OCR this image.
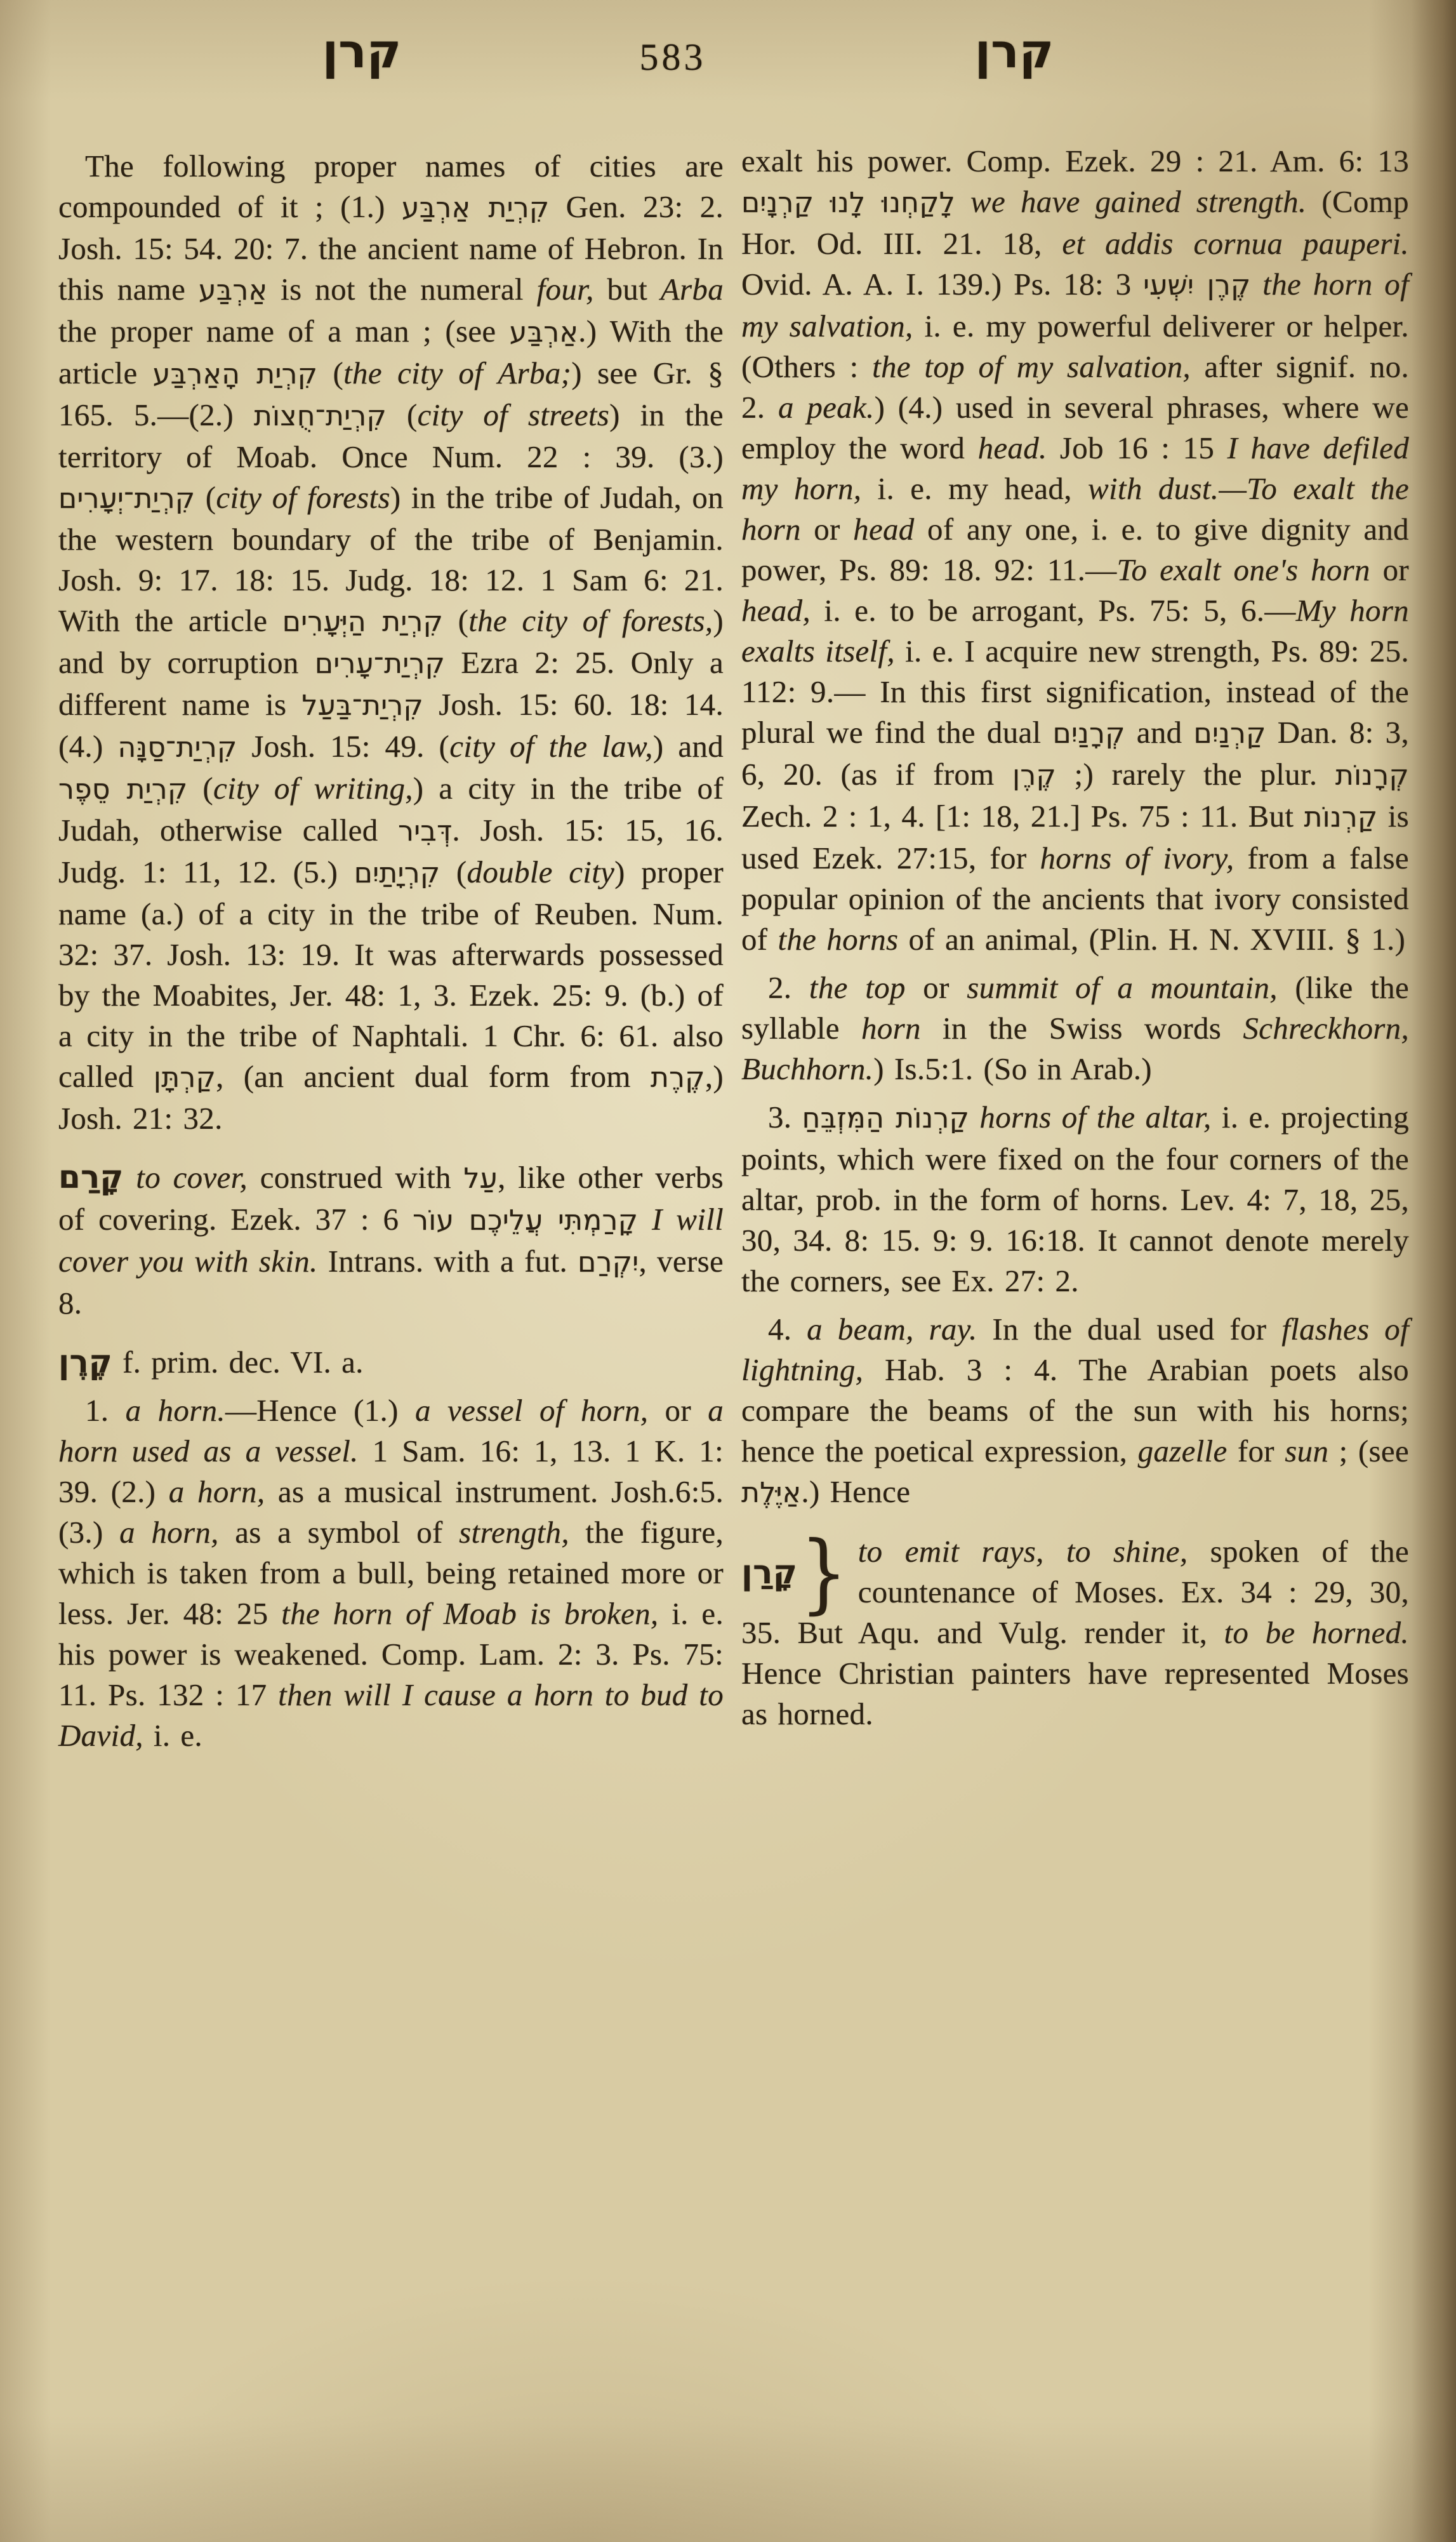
קרן	583	קרן

The following proper names of cities are compounded of it ; (1.) קִרְיַת אַרְבַּע Gen. 23: 2. Josh. 15: 54. 20: 7. the ancient name of Hebron. In this name אַרְבַּע is not the numeral four, but Arba the proper name of a man ; (see אַרְבַּע.) With the article קִרְיַת הָאַרְבַּע (the city of Arba;) see Gr. § 165. 5.—(2.) קִרְיַת־חֻצוֹת (city of streets) in the territory of Moab. Once Num. 22 : 39. (3.) קִרְיַת־יְעָרִים (city of forests) in the tribe of Judah, on the western boundary of the tribe of Benjamin. Josh. 9: 17. 18: 15. Judg. 18: 12. 1 Sam 6: 21. With the article קִרְיַת הַיְּעָרִים (the city of forests,) and by corruption קִרְיַת־עָרִים Ezra 2: 25. Only a different name is קִרְיַת־בַּעַל Josh. 15: 60. 18: 14. (4.) קִרְיַת־סַנָּה Josh. 15: 49. (city of the law,) and קִרְיַת סֵפֶר (city of writing,) a city in the tribe of Judah, otherwise called דְּבִיר. Josh. 15: 15, 16. Judg. 1: 11, 12. (5.) קִרְיָתַיִם (double city) proper name (a.) of a city in the tribe of Reuben. Num. 32: 37. Josh. 13: 19. It was afterwards possessed by the Moabites, Jer. 48: 1, 3. Ezek. 25: 9. (b.) of a city in the tribe of Naphtali. 1 Chr. 6: 61. also called קַרְתָּן, (an ancient dual form from קֶרֶת,) Josh. 21: 32.

קָרַם to cover, construed with עַל, like other verbs of covering. Ezek. 37 : 6 קָרַמְתִּי עֲלֵיכֶם עוֹר I will cover you with skin. Intrans. with a fut. יִקְרַם, verse 8.

קֶרֶן f. prim. dec. VI. a.

1. a horn.—Hence (1.) a vessel of horn, or a horn used as a vessel. 1 Sam. 16: 1, 13. 1 K. 1: 39. (2.) a horn, as a musical instrument. Josh.6:5. (3.) a horn, as a symbol of strength, the figure, which is taken from a bull, being retained more or less. Jer. 48: 25 the horn of Moab is broken, i. e. his power is weakened. Comp. Lam. 2: 3. Ps. 75: 11. Ps. 132 : 17 then will I cause a horn to bud to David, i. e.

exalt his power. Comp. Ezek. 29 : 21. Am. 6: 13 לָקַחְנוּ לָנוּ קַרְנָיִם we have gained strength. (Comp Hor. Od. III. 21. 18, et addis cornua pauperi. Ovid. A. A. I. 139.) Ps. 18: 3 קֶרֶן יִשְׁעִי the horn of my salvation, i. e. my powerful deliverer or helper. (Others : the top of my salvation, after signif. no. 2. a peak.) (4.) used in several phrases, where we employ the word head. Job 16 : 15 I have defiled my horn, i. e. my head, with dust.—To exalt the horn or head of any one, i. e. to give dignity and power, Ps. 89: 18. 92: 11.—To exalt one's horn or head, i. e. to be arrogant, Ps. 75: 5, 6.—My horn exalts itself, i. e. I acquire new strength, Ps. 89: 25. 112: 9.— In this first signification, instead of the plural we find the dual קְרָנַיִם and קַרְנַיִם Dan. 8: 3, 6, 20. (as if from קֶרֶן ;) rarely the plur. קְרָנוֹת Zech. 2 : 1, 4. [1: 18, 21.] Ps. 75 : 11. But קַרְנוֹת is used Ezek. 27:15, for horns of ivory, from a false popular opinion of the ancients that ivory consisted of the horns of an animal, (Plin. H. N. XVIII. § 1.)

2. the top or summit of a mountain, (like the syllable horn in the Swiss words Schreckhorn, Buchhorn.) Is.5:1. (So in Arab.)

3. קַרְנוֹת הַמִּזְבֵּחַ horns of the altar, i. e. projecting points, which were fixed on the four corners of the altar, prob. in the form of horns. Lev. 4: 7, 18, 25, 30, 34. 8: 15. 9: 9. 16:18. It cannot denote merely the corners, see Ex. 27: 2.

4. a beam, ray. In the dual used for flashes of lightning, Hab. 3 : 4. The Arabian poets also compare the beams of the sun with his horns; hence the poetical expression, gazelle for sun ; (see אַיֶּלֶת.) Hence

קָרַן } to emit rays, to shine, spoken of the countenance of Moses. Ex. 34 : 29, 30, 35. But Aqu. and Vulg. render it, to be horned. Hence Christian painters have represented Moses as horned.
